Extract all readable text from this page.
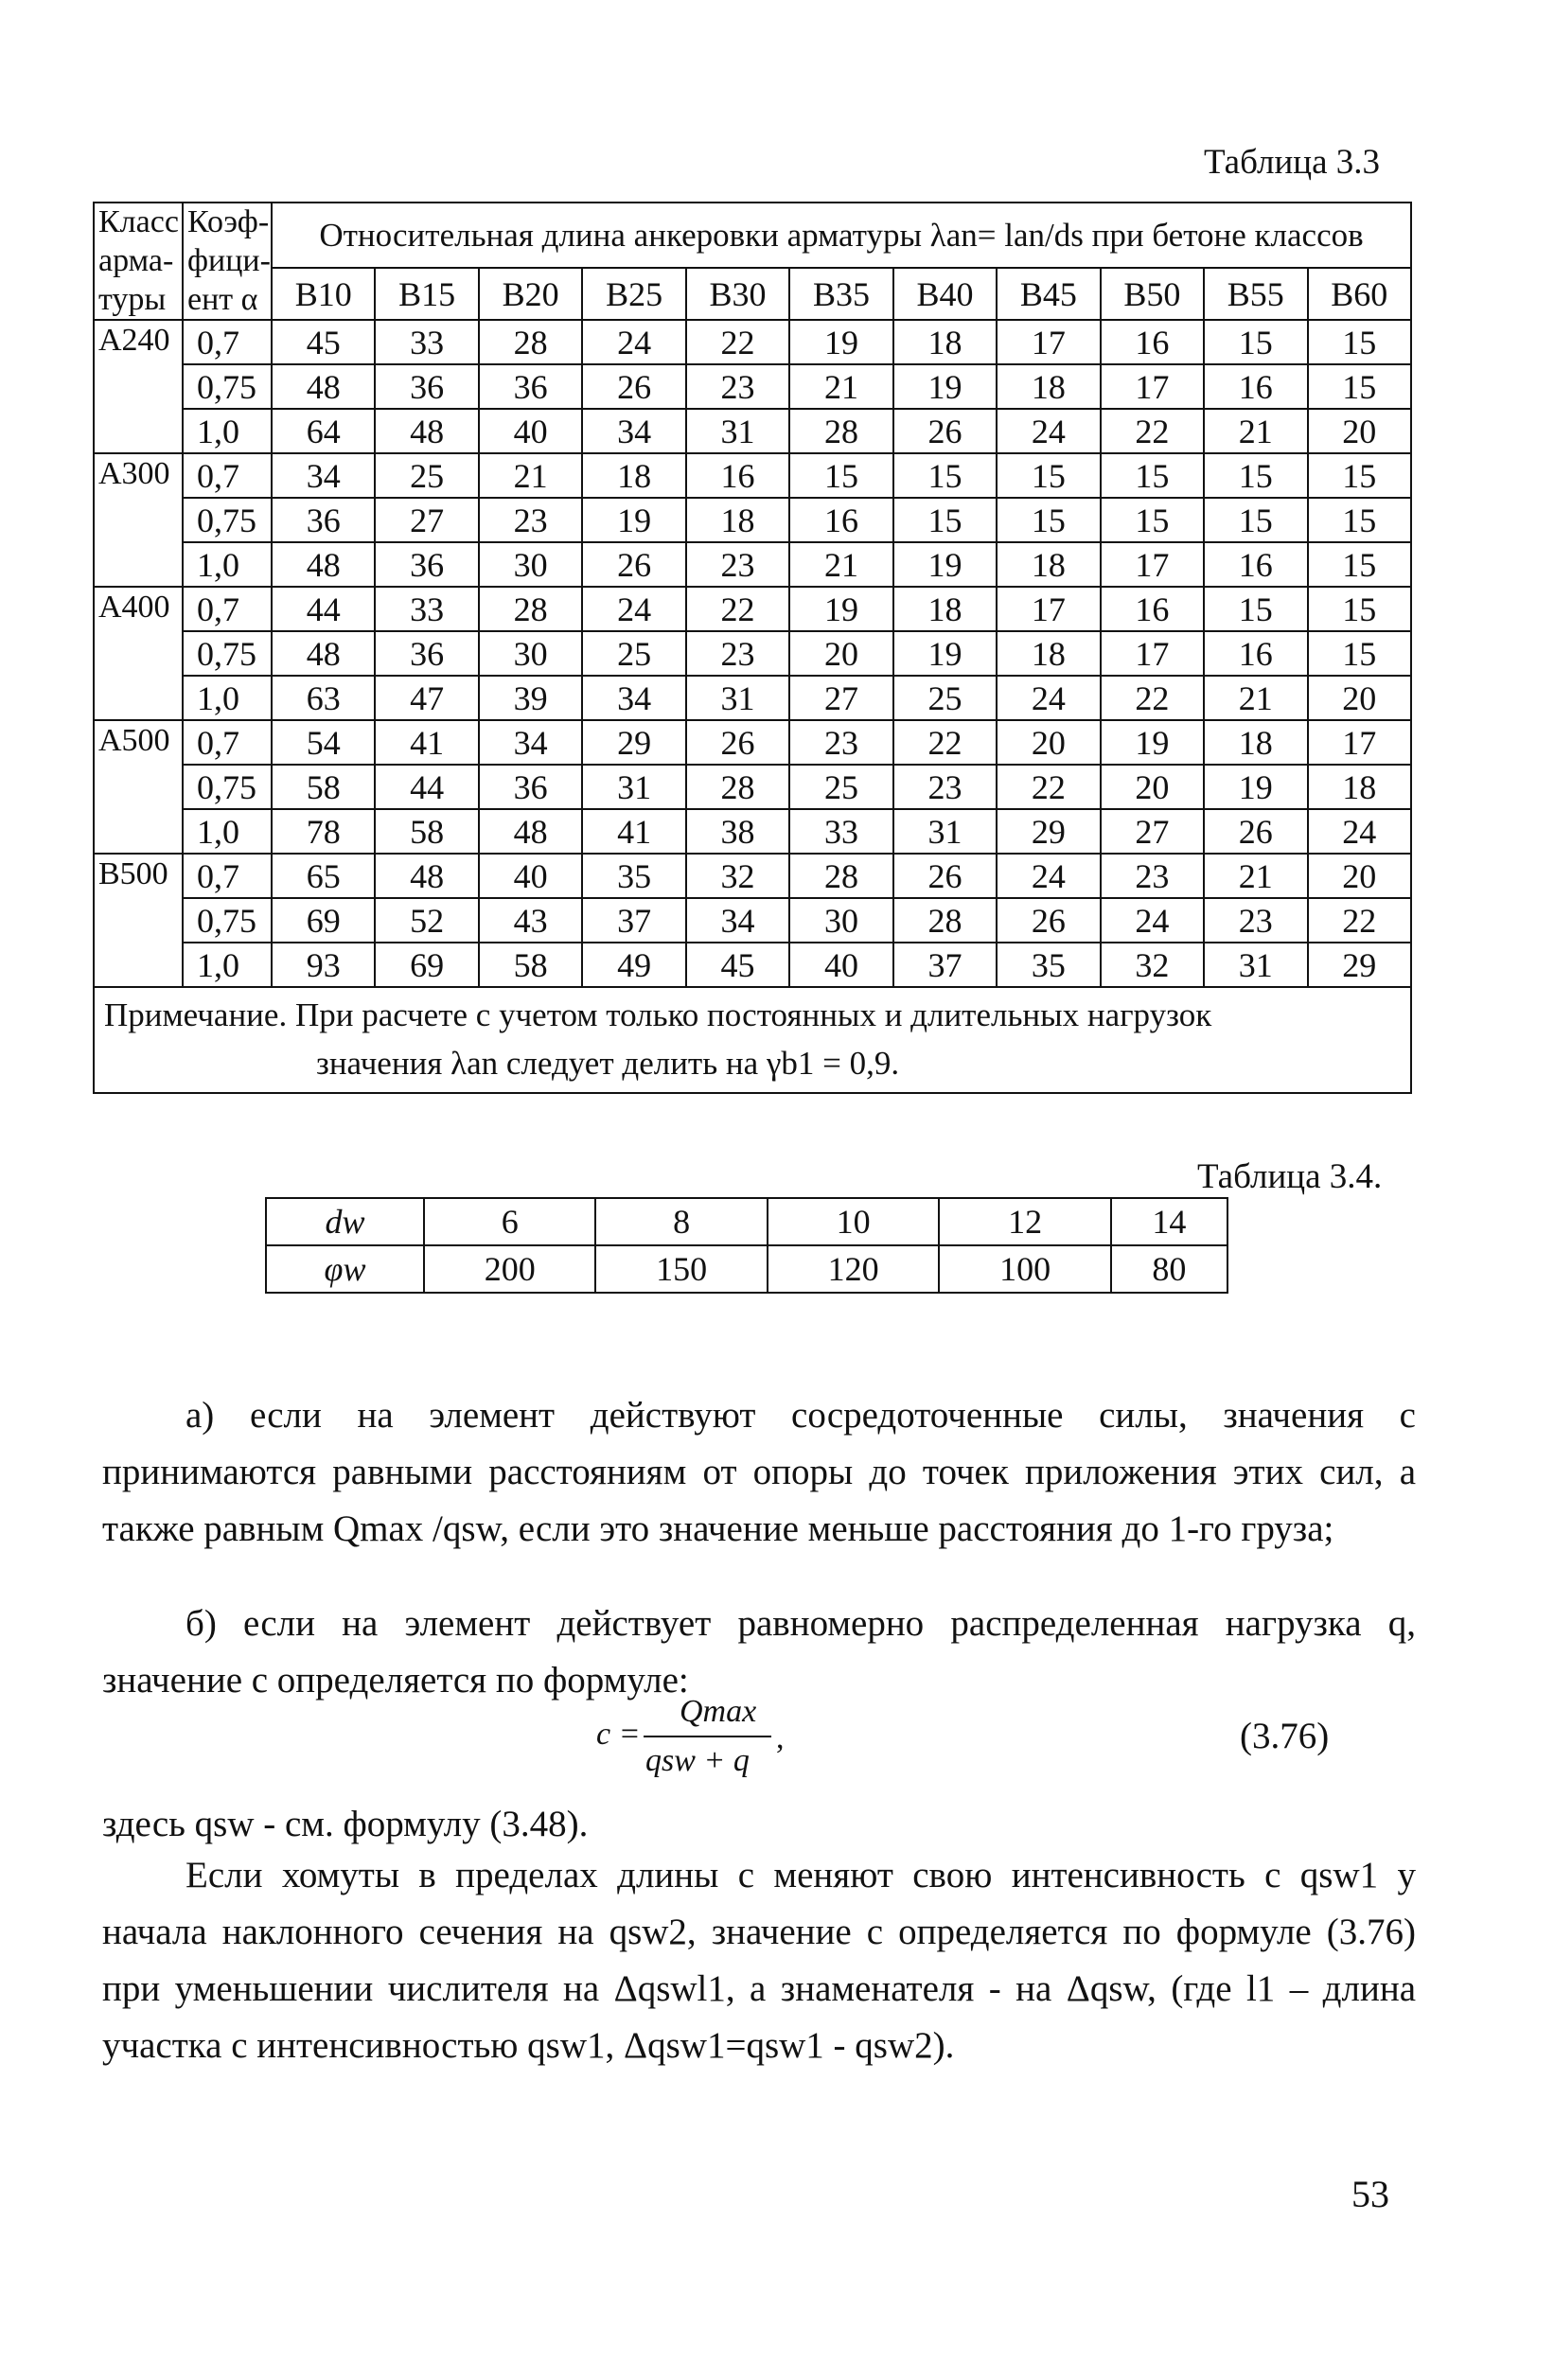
Таблица 3.3
Класс арма- туры	Коэф- фици- ент α	Относительная длина анкеровки арматуры λan= lan/ds при бетоне классов										
		B10	B15	B20	B25	B30	B35	B40	B45	B50	B55	B60
A240	0,7	45	33	28	24	22	19	18	17	16	15	15
	0,75	48	36	36	26	23	21	19	18	17	16	15
	1,0	64	48	40	34	31	28	26	24	22	21	20
A300	0,7	34	25	21	18	16	15	15	15	15	15	15
	0,75	36	27	23	19	18	16	15	15	15	15	15
	1,0	48	36	30	26	23	21	19	18	17	16	15
A400	0,7	44	33	28	24	22	19	18	17	16	15	15
	0,75	48	36	30	25	23	20	19	18	17	16	15
	1,0	63	47	39	34	31	27	25	24	22	21	20
A500	0,7	54	41	34	29	26	23	22	20	19	18	17
	0,75	58	44	36	31	28	25	23	22	20	19	18
	1,0	78	58	48	41	38	33	31	29	27	26	24
B500	0,7	65	48	40	35	32	28	26	24	23	21	20
	0,75	69	52	43	37	34	30	28	26	24	23	22
	1,0	93	69	58	49	45	40	37	35	32	31	29
Примечание. При расчете с учетом только постоянных и длительных нагрузок
значения λan следует делить на γb1 = 0,9.												
Таблица 3.4.
dw	6	8	10	12	14
φw	200	150	120	100	80
а) если на элемент действуют сосредоточенные силы, значения c принимаются равными расстояниям от опоры до точек приложения этих сил, а также равным Qmax /qsw, если это значение меньше расстояния до 1-го груза;
б) если на элемент действует равномерно распределенная нагрузка q, значение c определяется по формуле:
c =
Qmax
qsw + q
,	(3.76)
здесь qsw - см. формулу (3.48).
Если хомуты в пределах длины c меняют свою интенсивность с qsw1 у начала наклонного сечения на qsw2, значение c определяется по формуле (3.76) при уменьшении числителя на Δqswl1, а знаменателя - на Δqsw, (где l1 – длина участка с интенсивностью qsw1, Δqsw1=qsw1 - qsw2).
53
